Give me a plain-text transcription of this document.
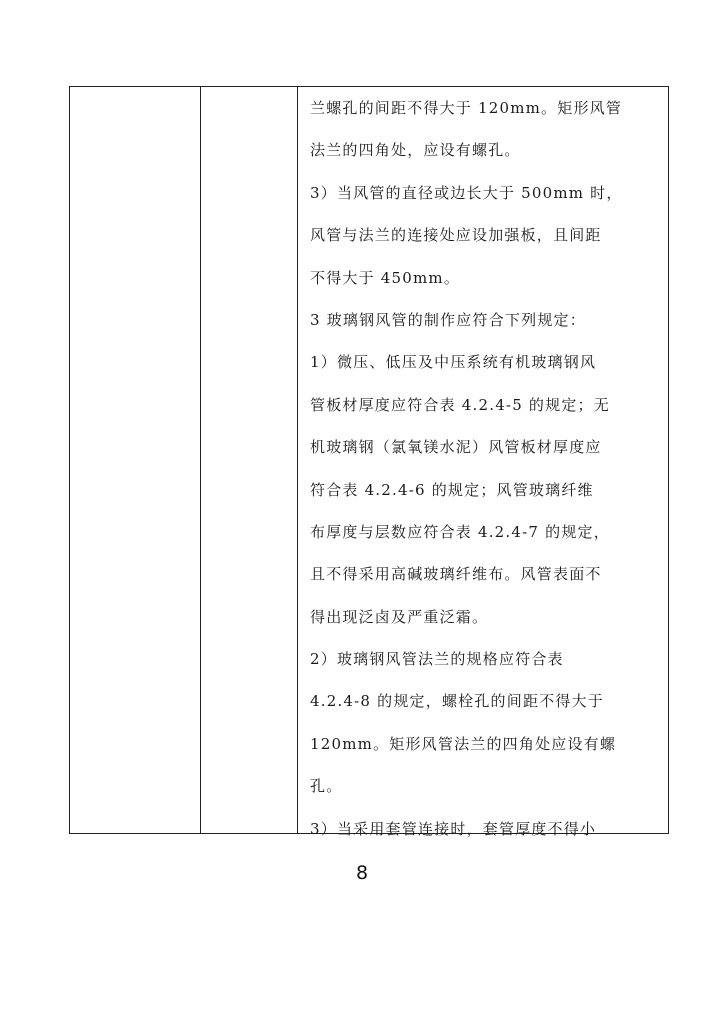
兰螺孔的间距不得大于 120mm。矩形风管
法兰的四角处，应设有螺孔。
3）当风管的直径或边长大于 500mm 时，
风管与法兰的连接处应设加强板，且间距
不得大于 450mm。
3 玻璃钢风管的制作应符合下列规定：
1）微压、低压及中压系统有机玻璃钢风
管板材厚度应符合表 4.2.4-5 的规定；无
机玻璃钢（氯氧镁水泥）风管板材厚度应
符合表 4.2.4-6 的规定；风管玻璃纤维
布厚度与层数应符合表 4.2.4-7 的规定，
且不得采用高碱玻璃纤维布。风管表面不
得出现泛卤及严重泛霜。
2）玻璃钢风管法兰的规格应符合表
4.2.4-8 的规定，螺栓孔的间距不得大于
120mm。矩形风管法兰的四角处应设有螺
孔。
3）当采用套管连接时，套管厚度不得小
8
